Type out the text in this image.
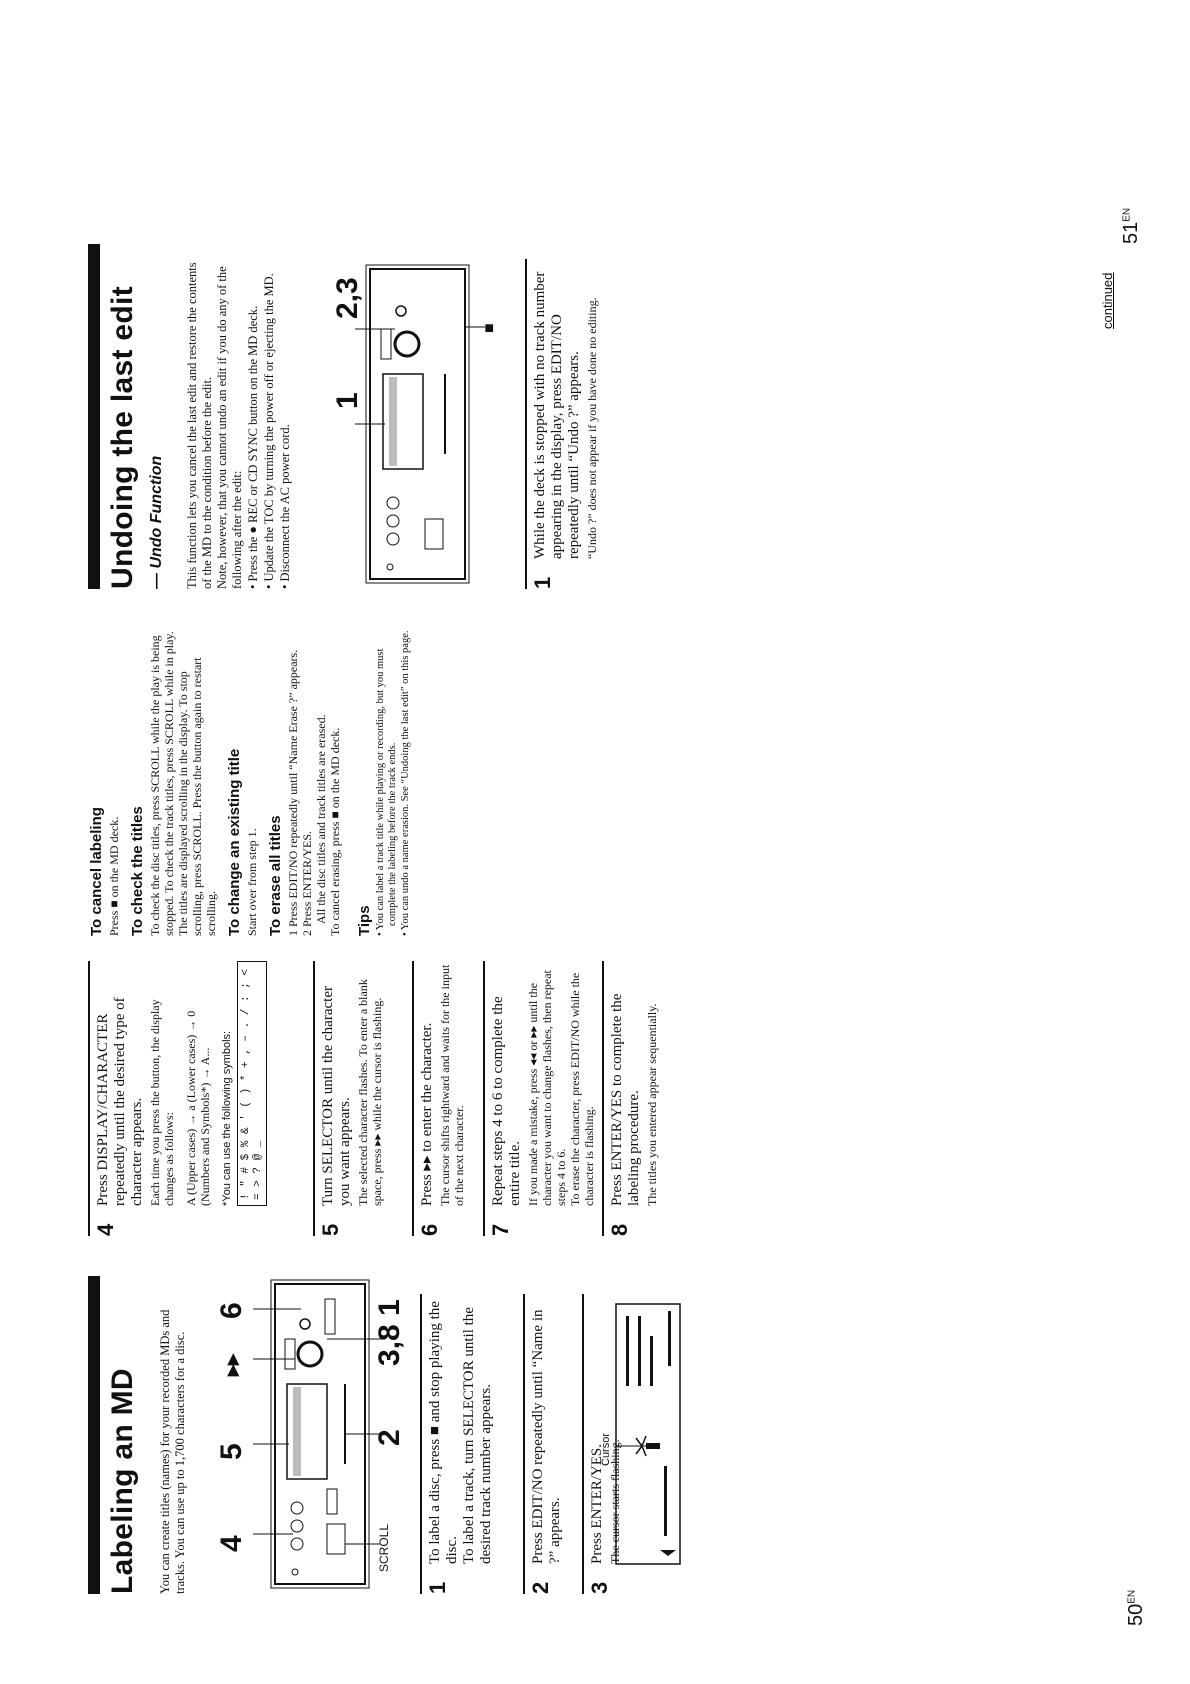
Labeling an MD You can create titles (names) for your recorded MDs and tracks. You can use up to 1,700 characters for a disc. 4
5
▸▸
6
SCROLL
2
3,8 1
1
To label a disc, press ■ and stop playing the disc.
To label a track, turn SELECTOR until the desired track number appears.
2
Press EDIT/NO repeatedly until “Name in ?” appears.
3
Press ENTER/YES. The cursor starts flashing.
Cursor
$50^{EN}$
4
Press DISPLAY/CHARACTER repeatedly until the desired type of character appears. Each time you press the button, the display changes as follows: A (Upper cases) → a (Lower cases) → 0 (Numbers and Symbols*) → A... *You can use the following symbols: ! " # $ % & ' ( ) * + , – . / : ; < = > ? @ _
5
Turn SELECTOR until the character you want appears. The selected character flashes. To enter a blank space, press ▸▸ while the cursor is flashing.
6
Press ▸▸ to enter the character. The cursor shifts rightward and waits for the input of the next character.
7
Repeat steps 4 to 6 to complete the entire title. If you made a mistake, press ◂◂ or ▸▸ until the character you want to change flashes, then repeat steps 4 to 6.
To erase the character, press EDIT/NO while the character is flashing.
8
Press ENTER/YES to complete the labeling procedure. The titles you entered appear sequentially.
To cancel labeling Press ■ on the MD deck. To check the titles To check the disc titles, press SCROLL while the play is being stopped. To check the track titles, press SCROLL while in play. The titles are displayed scrolling in the display. To stop scrolling, press SCROLL. Press the button again to restart scrolling. To change an existing title Start over from step 1. To erase all titles 1 Press EDIT/NO repeatedly until “Name Erase ?” appears. 2 Press ENTER/YES. All the disc titles and track titles are erased. To cancel erasing, press ■ on the MD deck. Tips • You can label a track title while playing or recording, but you must complete the labeling before the track ends.
• You can undo a name erasion. See “Undoing the last edit” on this page.
Undoing the last edit — Undo Function This function lets you cancel the last edit and restore the contents of the MD to the condition before the edit.
Note, however, that you cannot undo an edit if you do any of the following after the edit:
• Press the ● REC or CD SYNC button on the MD deck.
• Update the TOC by turning the power off or ejecting the MD.
• Disconnect the AC power cord.
1
2,3
■
1
While the deck is stopped with no track number appearing in the display, press EDIT/NO repeatedly until “Undo ?” appears. “Undo ?” does not appear if you have done no editing.	continued
$51^{EN}$
